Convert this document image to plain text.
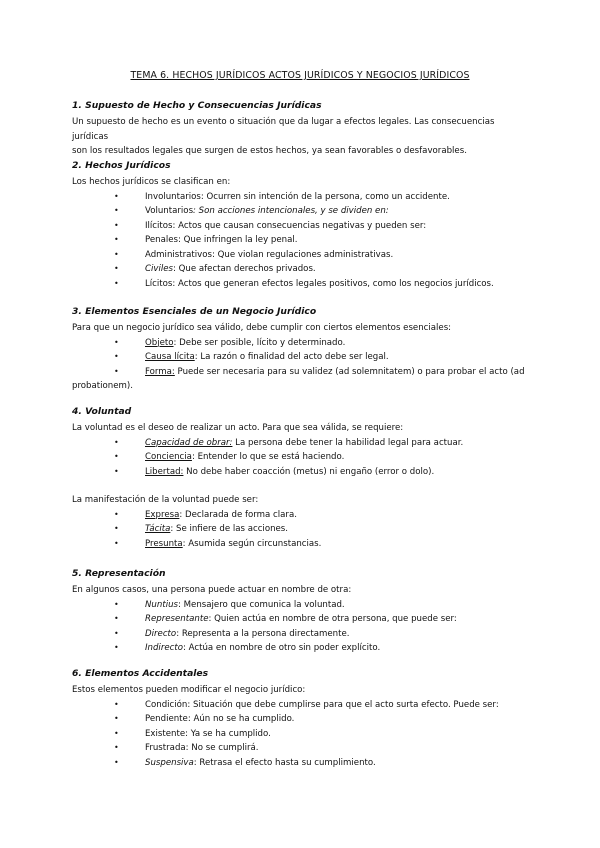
TEMA 6. HECHOS JURÍDICOS ACTOS JURÍDICOS Y NEGOCIOS JURÍDICOS
1. Supuesto de Hecho y Consecuencias Jurídicas

Un supuesto de hecho es un evento o situación que da lugar a efectos legales. Las consecuencias jurídicas

son los resultados legales que surgen de estos hechos, ya sean favorables o desfavorables.

2. Hechos Jurídicos

Los hechos jurídicos se clasifican en:

•	Involuntarios: Ocurren sin intención de la persona, como un accidente.
•	Voluntarios: Son acciones intencionales, y se dividen en:
•	Ilícitos: Actos que causan consecuencias negativas y pueden ser:
•	Penales: Que infringen la ley penal.
•	Administrativos: Que violan regulaciones administrativas.
•	Civiles: Que afectan derechos privados.
•	Lícitos: Actos que generan efectos legales positivos, como los negocios jurídicos.
3. Elementos Esenciales de un Negocio Jurídico

Para que un negocio jurídico sea válido, debe cumplir con ciertos elementos esenciales:

•	Objeto: Debe ser posible, lícito y determinado.
•	Causa lícita: La razón o finalidad del acto debe ser legal.
•	Forma: Puede ser necesaria para su validez (ad solemnitatem) o para probar el acto (ad

probationem).

4. Voluntad

La voluntad es el deseo de realizar un acto. Para que sea válida, se requiere:

•	Capacidad de obrar: La persona debe tener la habilidad legal para actuar.
•	Conciencia: Entender lo que se está haciendo.
•	Libertad: No debe haber coacción (metus) ni engaño (error o dolo).

La manifestación de la voluntad puede ser:

•	Expresa: Declarada de forma clara.
•	Tácita: Se infiere de las acciones.
•	Presunta: Asumida según circunstancias.
5. Representación

En algunos casos, una persona puede actuar en nombre de otra:

•	Nuntius: Mensajero que comunica la voluntad.
•	Representante: Quien actúa en nombre de otra persona, que puede ser:
•	Directo: Representa a la persona directamente.
•	Indirecto: Actúa en nombre de otro sin poder explícito.
6. Elementos Accidentales

Estos elementos pueden modificar el negocio jurídico:

•	Condición: Situación que debe cumplirse para que el acto surta efecto. Puede ser:
•	Pendiente: Aún no se ha cumplido.
•	Existente: Ya se ha cumplido.
•	Frustrada: No se cumplirá.
•	Suspensiva: Retrasa el efecto hasta su cumplimiento.
